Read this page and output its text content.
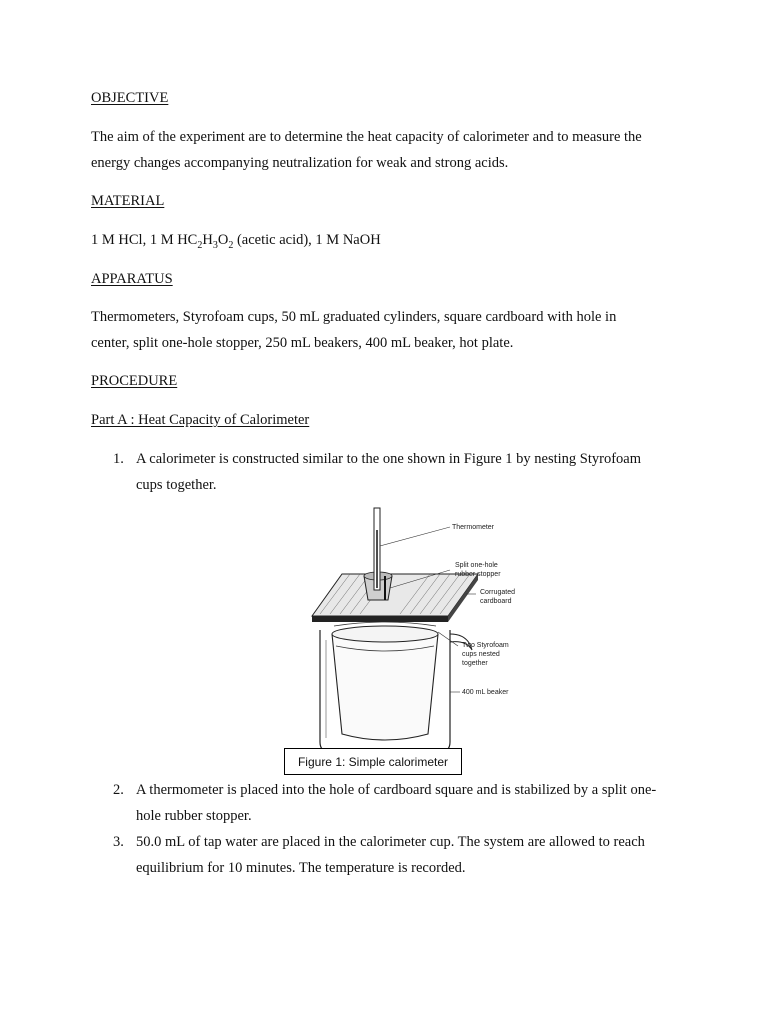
OBJECTIVE
The aim of the experiment are to determine the heat capacity of calorimeter and to measure the
energy changes accompanying neutralization for weak and strong acids.
MATERIAL
1 M HCl, 1 M $HC_2H_3O_2$ (acetic acid), 1 M NaOH
APPARATUS
Thermometers, Styrofoam cups, 50 mL graduated cylinders, square cardboard with hole in
center, split one-hole stopper, 250 mL beakers, 400 mL beaker, hot plate.
PROCEDURE
Part A : Heat Capacity of Calorimeter
1. A calorimeter is constructed similar to the one shown in Figure 1 by nesting Styrofoam
cups together.
Thermometer
Split one-hole
rubber stopper
Corrugated
cardboard
Two Styrofoam
cups nested
together
400 mL beaker
Figure 1: Simple calorimeter
2. A thermometer is placed into the hole of cardboard square and is stabilized by a split one-
hole rubber stopper.
3. 50.0 mL of tap water are placed in the calorimeter cup. The system are allowed to reach
equilibrium for 10 minutes. The temperature is recorded.
